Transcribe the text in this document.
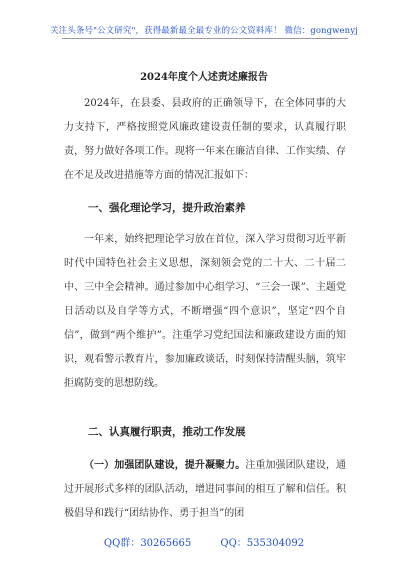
关注头条号"公文研究"，获得最新最全最专业的公文资料库！ 微信：gongwenyj
2024年度个人述责述廉报告
2024年，在县委、县政府的正确领导下，在全体同事的大力支持下，严格按照党风廉政建设责任制的要求，认真履行职责，努力做好各项工作。现将一年来在廉洁自律、工作实绩、存在不足及改进措施等方面的情况汇报如下：
一、强化理论学习，提升政治素养
一年来，始终把理论学习放在首位，深入学习贯彻习近平新时代中国特色社会主义思想，深刻领会党的二十大、二十届二中、三中全会精神。通过参加中心组学习、“三会一课”、主题党日活动以及自学等方式，不断增强“四个意识”，坚定“四个自信”，做到“两个维护”。注重学习党纪国法和廉政建设方面的知识，观看警示教育片，参加廉政谈话，时刻保持清醒头脑，筑牢拒腐防变的思想防线。
二、认真履行职责，推动工作发展
（一）加强团队建设，提升凝聚力。注重加强团队建设，通过开展形式多样的团队活动，增进同事间的相互了解和信任。积极倡导和践行“团结协作、勇于担当”的团
QQ群：30265665	QQ：535304092
